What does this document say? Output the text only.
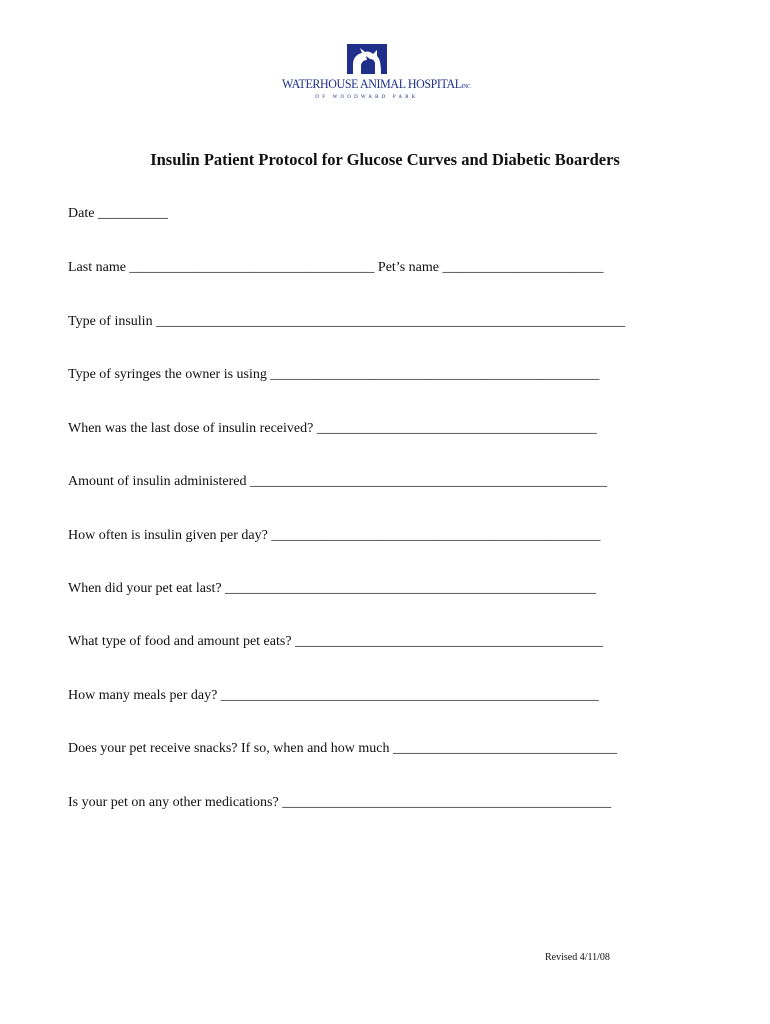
WATERHOUSE ANIMAL HOSPITALINC
OF WOODWARD PARK
Insulin Patient Protocol for Glucose Curves and Diabetic Boarders
Date __________
Last name ___________________________________ Pet’s name _______________________
Type of insulin ___________________________________________________________________
Type of syringes the owner is using _______________________________________________
When was the last dose of insulin received? ________________________________________
Amount of insulin administered ___________________________________________________
How often is insulin given per day? _______________________________________________
When did your pet eat last? _____________________________________________________
What type of food and amount pet eats? ____________________________________________
How many meals per day? ______________________________________________________
Does your pet receive snacks? If so, when and how much ________________________________
Is your pet on any other medications? _______________________________________________
Revised 4/11/08
